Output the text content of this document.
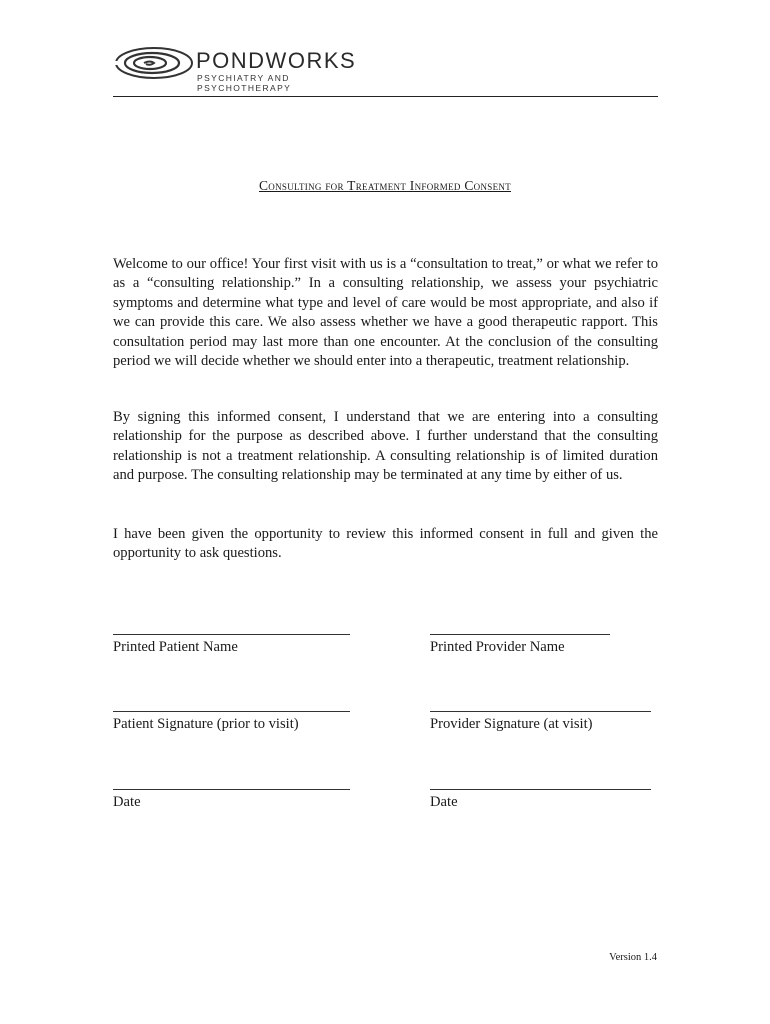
PONDWORKS
PSYCHIATRY AND PSYCHOTHERAPY
Consulting for Treatment Informed Consent
Welcome to our office! Your first visit with us is a “consultation to treat,” or what we refer to as a “consulting relationship.” In a consulting relationship, we assess your psychiatric symptoms and determine what type and level of care would be most appropriate, and also if we can provide this care. We also assess whether we have a good therapeutic rapport. This consultation period may last more than one encounter. At the conclusion of the consulting period we will decide whether we should enter into a therapeutic, treatment relationship.
By signing this informed consent, I understand that we are entering into a consulting relationship for the purpose as described above. I further understand that the consulting relationship is not a treatment relationship. A consulting relationship is of limited duration and purpose. The consulting relationship may be terminated at any time by either of us.
I have been given the opportunity to review this informed consent in full and given the opportunity to ask questions.
Printed Patient Name	Printed Provider Name
Patient Signature (prior to visit)	Provider Signature (at visit)
Date	Date
Version 1.4
